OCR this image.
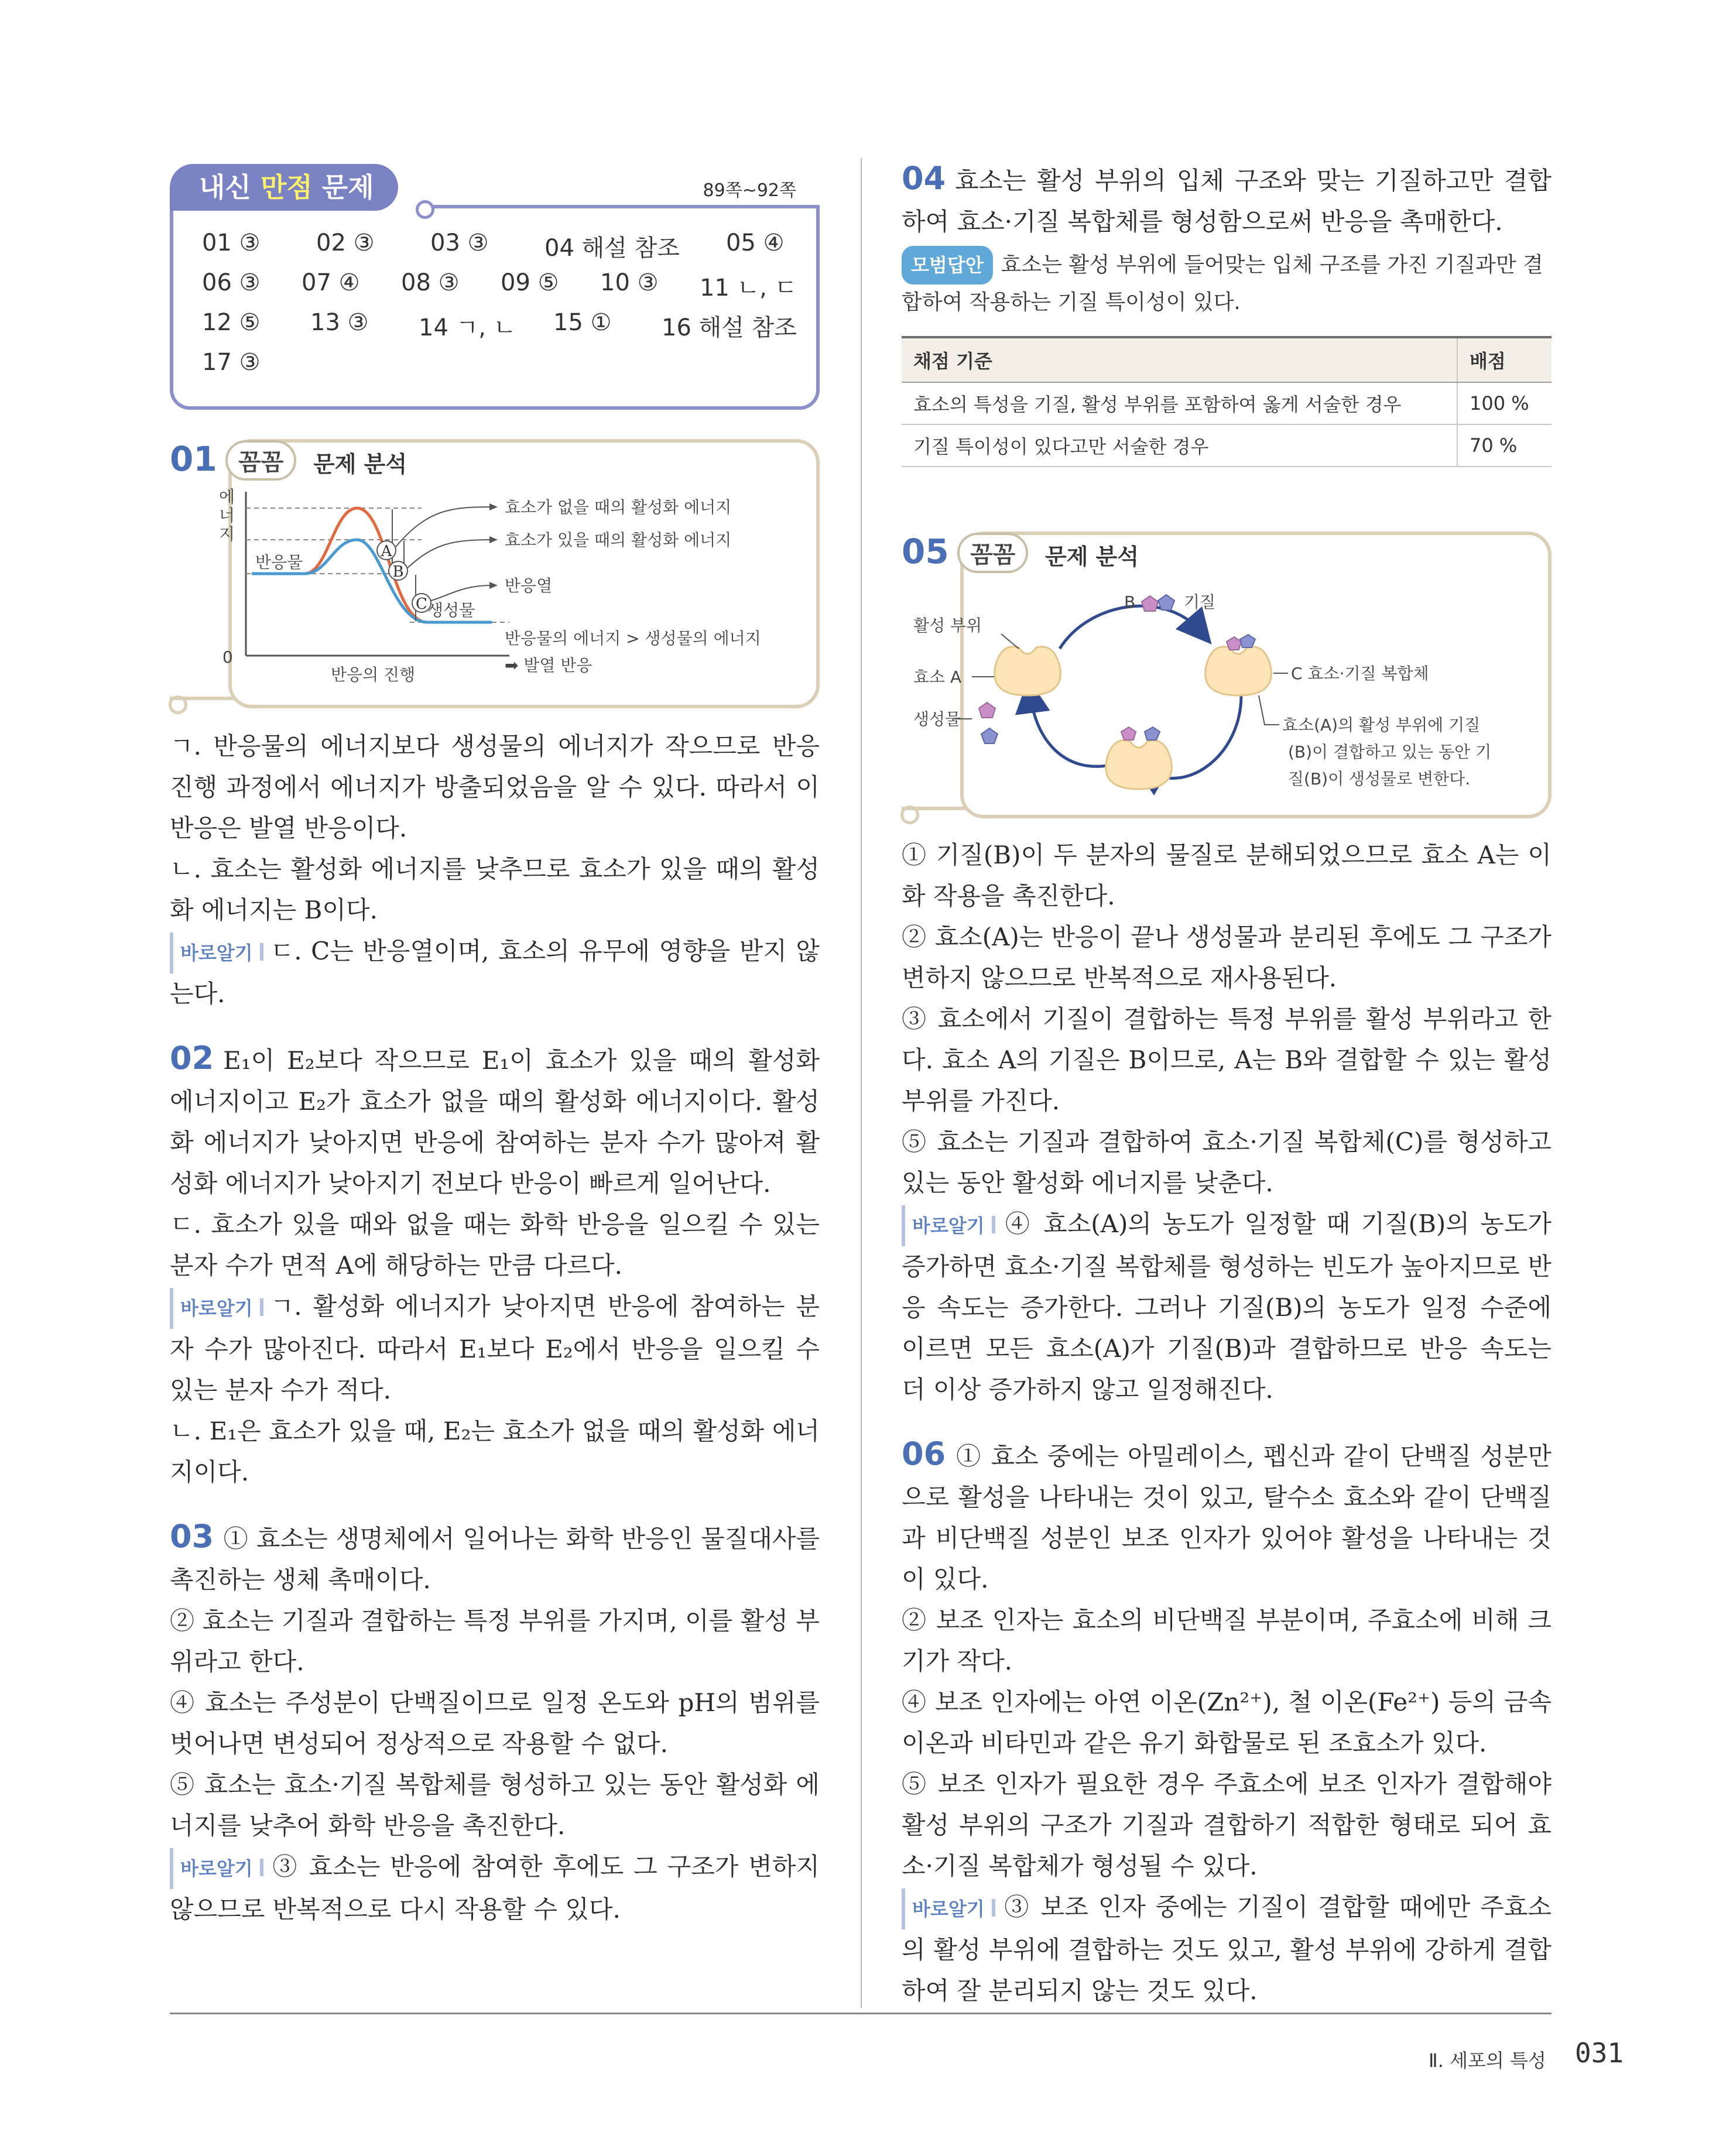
내신 만점 문제	89쪽~92쪽
01 ③ 02 ③ 03 ③ 04 해설 참조 05 ④
06 ③ 07 ④ 08 ③ 09 ⑤ 10 ③ 11 ㄴ, ㄷ
12 ⑤ 13 ③ 14 ㄱ, ㄴ 15 ① 16 해설 참조
17 ③
01 꼼꼼	문제 분석
에 너 지
A
B
C
반응물
생성물
0
반응의 진행
효소가 없을 때의 활성화 에너지
효소가 있을 때의 활성화 에너지
반응열
반응물의 에너지 > 생성물의 에너지
➡ 발열 반응

ㄱ. 반응물의 에너지보다 생성물의 에너지가 작으므로 반응 진행 과정에서 에너지가 방출되었음을 알 수 있다. 따라서 이 반응은 발열 반응이다.

ㄴ. 효소는 활성화 에너지를 낮추므로 효소가 있을 때의 활성화 에너지는 B이다.

바로알기 ㄷ. C는 반응열이며, 효소의 유무에 영향을 받지 않는다.

02 E₁이 E₂보다 작으므로 E₁이 효소가 있을 때의 활성화 에너지이고 E₂가 효소가 없을 때의 활성화 에너지이다. 활성화 에너지가 낮아지면 반응에 참여하는 분자 수가 많아져 활성화 에너지가 낮아지기 전보다 반응이 빠르게 일어난다.

ㄷ. 효소가 있을 때와 없을 때는 화학 반응을 일으킬 수 있는 분자 수가 면적 A에 해당하는 만큼 다르다.

바로알기 ㄱ. 활성화 에너지가 낮아지면 반응에 참여하는 분자 수가 많아진다. 따라서 E₁보다 E₂에서 반응을 일으킬 수 있는 분자 수가 적다.

ㄴ. E₁은 효소가 있을 때, E₂는 효소가 없을 때의 활성화 에너지이다.

03 ① 효소는 생명체에서 일어나는 화학 반응인 물질대사를 촉진하는 생체 촉매이다.

② 효소는 기질과 결합하는 특정 부위를 가지며, 이를 활성 부위라고 한다.

④ 효소는 주성분이 단백질이므로 일정 온도와 pH의 범위를 벗어나면 변성되어 정상적으로 작용할 수 없다.

⑤ 효소는 효소·기질 복합체를 형성하고 있는 동안 활성화 에너지를 낮추어 화학 반응을 촉진한다.

바로알기 ③ 효소는 반응에 참여한 후에도 그 구조가 변하지 않으므로 반복적으로 다시 작용할 수 있다.

04 효소는 활성 부위의 입체 구조와 맞는 기질하고만 결합하여 효소·기질 복합체를 형성함으로써 반응을 촉매한다.

모범답안 효소는 활성 부위에 들어맞는 입체 구조를 가진 기질과만 결합하여 작용하는 기질 특이성이 있다.
채점 기준	배점
효소의 특성을 기질, 활성 부위를 포함하여 옳게 서술한 경우	100 %
기질 특이성이 있다고만 서술한 경우	70 %
05 꼼꼼	문제 분석
B	기질
활성 부위
효소 A
생성물
C 효소·기질 복합체
효소(A)의 활성 부위에 기질
(B)이 결합하고 있는 동안 기
질(B)이 생성물로 변한다.

① 기질(B)이 두 분자의 물질로 분해되었으므로 효소 A는 이화 작용을 촉진한다.

② 효소(A)는 반응이 끝나 생성물과 분리된 후에도 그 구조가 변하지 않으므로 반복적으로 재사용된다.

③ 효소에서 기질이 결합하는 특정 부위를 활성 부위라고 한다. 효소 A의 기질은 B이므로, A는 B와 결합할 수 있는 활성 부위를 가진다.

⑤ 효소는 기질과 결합하여 효소·기질 복합체(C)를 형성하고 있는 동안 활성화 에너지를 낮춘다.

바로알기 ④ 효소(A)의 농도가 일정할 때 기질(B)의 농도가 증가하면 효소·기질 복합체를 형성하는 빈도가 높아지므로 반응 속도는 증가한다. 그러나 기질(B)의 농도가 일정 수준에 이르면 모든 효소(A)가 기질(B)과 결합하므로 반응 속도는 더 이상 증가하지 않고 일정해진다.

06 ① 효소 중에는 아밀레이스, 펩신과 같이 단백질 성분만으로 활성을 나타내는 것이 있고, 탈수소 효소와 같이 단백질과 비단백질 성분인 보조 인자가 있어야 활성을 나타내는 것이 있다.

② 보조 인자는 효소의 비단백질 부분이며, 주효소에 비해 크기가 작다.

④ 보조 인자에는 아연 이온(Zn²⁺), 철 이온(Fe²⁺) 등의 금속 이온과 비타민과 같은 유기 화합물로 된 조효소가 있다.

⑤ 보조 인자가 필요한 경우 주효소에 보조 인자가 결합해야 활성 부위의 구조가 기질과 결합하기 적합한 형태로 되어 효소·기질 복합체가 형성될 수 있다.

바로알기 ③ 보조 인자 중에는 기질이 결합할 때에만 주효소의 활성 부위에 결합하는 것도 있고, 활성 부위에 강하게 결합하여 잘 분리되지 않는 것도 있다.

Ⅱ. 세포의 특성 031
